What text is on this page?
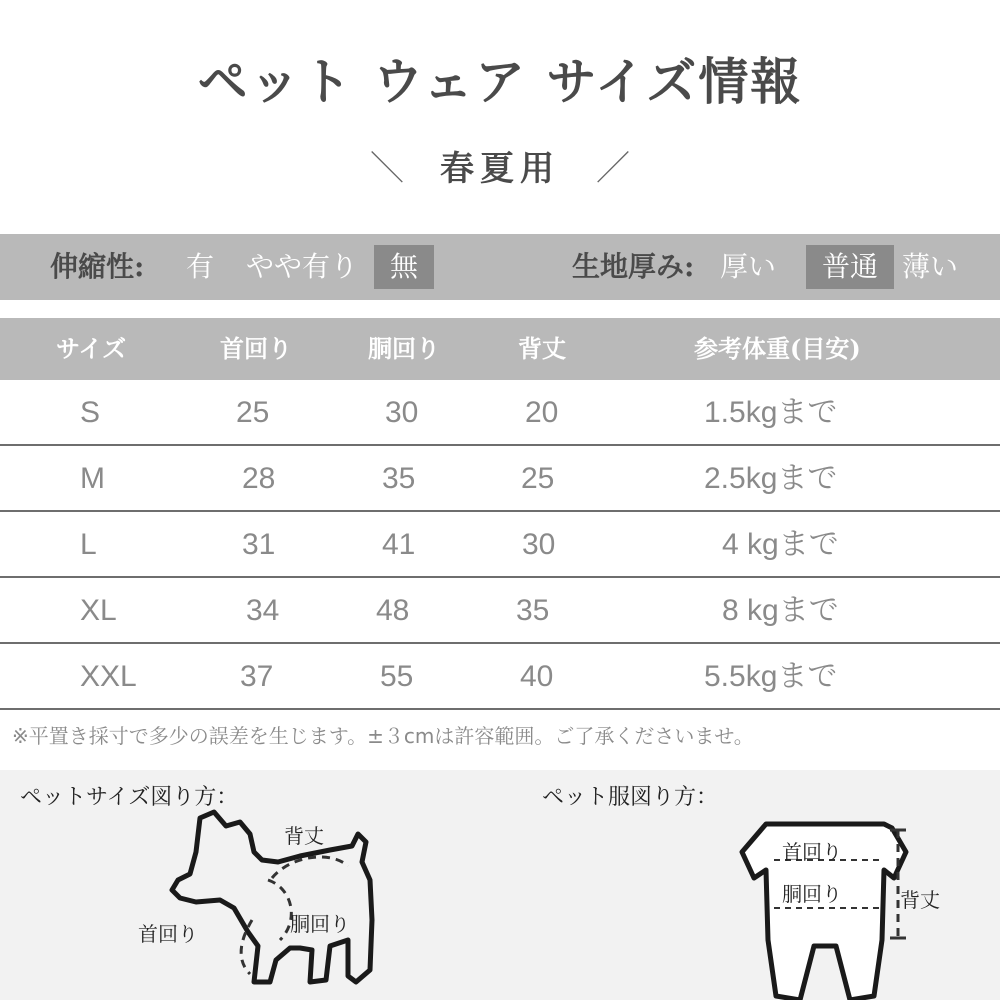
ペット ウェア サイズ情報
＼ 春夏用 ／
伸縮性: 有 やや有り	無	生地厚み: 厚い	普通 薄い
サイズ	首回り	胴回り	背丈	参考体重(目安)
S	25	30	20	1.5kgまで
M	28	35	25	2.5kgまで
L	31	41	30	4 kgまで
XL	34	48	35	8 kgまで
XXL	37	55	40	5.5kgまで
※平置き採寸で多少の誤差を生じます。±３cmは許容範囲。ご了承くださいませ。
ペットサイズ図り方：
背丈
首回り	胴回り
ペット服図り方：
首回り
胴回り	背丈
